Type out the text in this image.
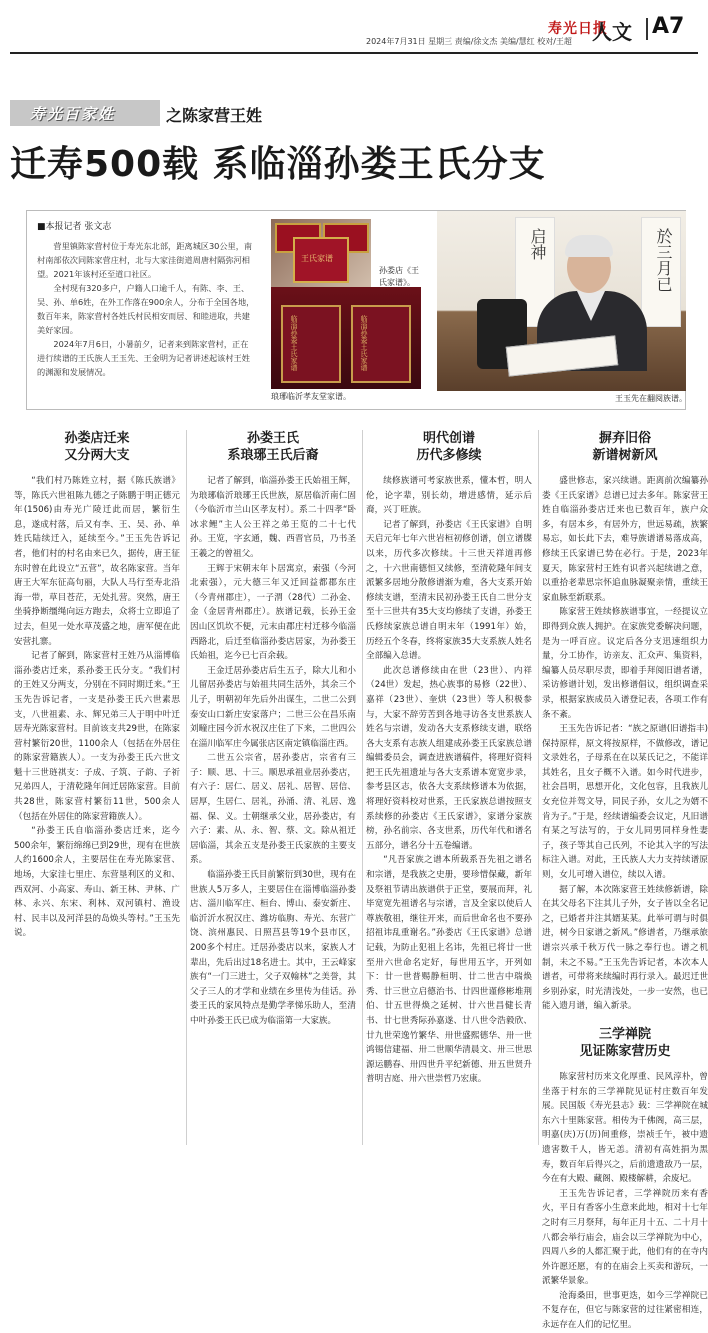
2024年7月31日 星期三 责编/徐文杰 美编/慧红 校对/王超
寿光日报
人文 A7
寿光百家姓	之陈家营王姓
迁寿500载 系临淄孙娄王氏分支
■本报记者 张文志

营里镇陈家营村位于寿光东北部，距离城区30公里，南村南部依次同陈家营庄村，北与大家洼街道周唐村隔弥河相望。2021年该村还至道口社区。

全村现有320多户，户籍人口逾千人，有陈、李、王、吴、孙、单6姓，在外工作落在900余人，分布于全国各地，数百年来，陈家营村各姓氏村民相安而居、和睦进取，共建美好家园。

2024年7月6日，小暑前夕，记者来到陈家营村，正在进行续谱的王氏族人王玉先、王金明为记者讲述起该村王姓的渊源和发展情况。

王氏家谱
孙娄店《王氏家谱》。
临淄孙娄王氏家谱	临淄孙娄王氏家谱
琅琊临沂孝友堂家谱。
启神	於三月已
王玉先在翻阅族谱。
孙娄店迁来
又分两大支

“我们村乃陈姓立村，据《陈氏族谱》等，陈氏六世祖陈九德之子陈鹏于明正德元年(1506)由寿光广陵迁此而居，繁衍生息，遂成村落，后又有李、王、吴、孙、单姓氏陆续迁入，延续至今。”王玉先告诉记者，他们村的村名由来已久，据传，唐王征东时曾在此设立“五营”，故名陈家营。当年唐王大军东征高句丽，大队人马行至寿北沿海一带，草目苍茫，无处扎营。突然，唐王坐骑挣断缰绳向远方跑去，众将士立即追了过去，但见一处水草茂盛之地，唐军便在此安营扎寨。

记者了解到，陈家营村王姓乃从淄博临淄孙娄店迁来，系孙娄王氏分支。“我们村的王姓又分两支，分别在不同时期迁来。”王玉先告诉记者，一支是孙娄王氏六世素思支，八世祖素、永、辉兄弟三人于明中叶迁居寿光陈家营村。目前该支共29世，在陈家营村繁衍20世，1100余人（包括在外居住的陈家营籍族人）。一支为孙娄王氏六世文魁十三世琏祺支：子成、子筑、子韵、子祈兄弟四人，于清乾隆年间迁居陈家营。目前共28世，陈家营村繁衍11世，500余人（包括在外居住的陈家营籍族人）。

“孙娄王氏自临淄孙娄店迁来，迄今500余年，繁衍绵绵已到29世，现有在世族人约1600余人，主要居住在寿光陈家营、地场，大家洼七里庄、东营垦利区的义和、西双河、小高家、寿山、新王林、尹林、广林、永兴、东宋、利林、双河镇村、渔设村、民丰以及河洋县的岛焕头等村。”王玉先说。

孙娄王氏
系琅琊王氏后裔

记者了解到，临淄孙娄王氏始祖王辉，为琅琊临沂琅琊王氏世族，原居临沂南仁固（今临沂市兰山区孝友村）。系二十四孝“卧冰求鲤”主人公王祥之弟王览的二十七代孙。王览，字玄通，魏、西晋官员，乃书圣王羲之的曾祖父。

王辉于宋朝末年卜居寓京，索强（今河北索强），元大德三年又迁回益都郡东庄（今青州郡庄），一子渭（28代）二孙金、金（金居青州郡庄）。族谱记载，长孙王金因山区饥坎不便，元末由郡庄村迁移今临淄西路北，后迁至临淄孙娄店居家，为孙娄王氏始祖，迄今已七百余载。

王金迁居孙娄店后生五子，除大儿和小儿留居孙娄店与始祖共同生活外，其余三个儿子，明朝初年先后外出谋生，二世二公到泰安山口新庄安家落户；二世三公在昌乐南刘疃庄园今沂水祝汉庄住了下来，二世四公在淄川临军庄今属张店区南定镇临淄庄西。

二世五公宗省，居孙娄店，宗省有三子：顺、思、十三。顺思承祖业居孙娄店，有六子：居仁、居义、居礼、居智、居信、居厚，生居仁、居礼，孙涌、清、礼居、逸福、保、义。士朝继承父业，居孙娄店，有六子：素、从、永、智、蔡、文。除从祖迁居临淄，其余五支是孙娄王氏家族的主要支系。

临淄孙娄王氏目前繁衍到30世，现有在世族人5万多人，主要居住在淄博临淄孙娄店、淄川临军庄、桓台、博山、泰安新庄、临沂沂水祝汉庄、潍坊临朐、寿光、东营广饶、滨州惠民、日照莒县等19个县市区，200多个村庄。迁居孙娄店以来，家族人才辈出，先后出过18名进士。其中，王云峰家族有“一门三进士，父子双翰林”之美誉，其父子三人的才学和业绩在乡里传为佳话。孙娄王氏的家风特点是勤学孝悌乐助人，至清中叶孙娄王氏已成为临淄第一大家族。

明代创谱
历代多修续

续修族谱可考家族世系，懂本哲，明人伦，论字辈，别长幼，增进感情，延示后裔，兴丁旺族。

记者了解到，孙娄店《王氏家谱》自明天启元年七年六世岩桓初修创谱，创立谱牒以来，历代多次修续。十三世天祥道再修之，十六世南德恒又续修，至清乾隆年间支派繁多居地分散修谱渐为难，各大支系开始修续支谱，至清末民初孙娄王氏自二世分支至十三世共有35大支均修续了支谱，孙娄王氏修续家族总谱自明末年（1991年）始，历经五个冬春，终将家族35大支系族人姓名全部编入总谱。

此次总谱修续由在世（23世）、内祥（24世）发起，热心族事的易修（22世）、嘉祥（23世）、奎烘（23世）等人积极参与，大家不辞劳苦到各地寻访各支世系族人姓名与宗谱，发动各大支系修续支谱，联络各大支系有志族人组建成孙娄王氏家族总谱编辑委员会，调查进族谱稿件，将理好资料把王氏先祖遗址与各大支系谱本宽宽步录，参考县区志，依各大支系续修谱本为依据，将理好资料校对世系，王氏家族总谱按照支系续修的孙娄店《王氏家谱》，家谱分家族榜，孙名前宗、各支世系，历代年代和谱名五部分，谱名分十五卷编谱。

“凡吾家族之谱本所载系吾先祖之谱名和宗谱，是我族之史册，要珍惜保藏，新年及祭祖节请出族谱供于正堂，要展而拜，礼毕宽宽先祖谱名与宗谱，言及全家以使后人尊族敬祖，继往开来，而后世命名也不要孙招祖讳乱重谢名。”孙娄店《王氏家谱》总谱记载，为防止犯祖上名讳，先祖已将廿一世至卅六世命名定好，每世用五字，开列如下：廿一世普赐静桓明、廿二世吉中瑞焕秀、廿三世立启德治书、廿四世谨修彬堆荆伯、廿五世得焕之延树、廿六世昌健长青书、廿七世秀际孙嘉遂、廿八世令浩毅欣、廿九世荣逸竹繁华、卅世盛熙德华、卅一世鸿锡信建福、卅二世顺华清晨文、卅三世思源运鹏春、卅四世升平纪新德、卅五世贤升普明吉庭、卅六世崇哲乃宏康。

摒弃旧俗
新谱树新风

盛世修志，家兴续谱。距离前次编纂孙娄《王氏家谱》总谱已过去多年。陈家营王姓自临淄孙娄店迁来也已数百年，族户众多，有居本乡，有居外方，世远易疏，族繁易忘，如长此下去，难导族谱谱易落成高，修续王氏家谱已势在必行。于是，2023年夏天，陈家营村王姓有识者兴起续谱之意，以重拾老辈思宗怀追血脉凝聚亲情，重续王家血脉至新联系。

陈家营王姓续修族谱事宜，一经提议立即得到众族人拥护。在家族党委解决问题，是为一呼百应。议定后各分支迅速组织力量，分工协作，访亲友、汇众声、集资料，编纂人员尽职尽责，即着手拜阅旧谱者谱，采访修谱计划，发出修谱倡议，组织调查采录，根据家族成员入谱登记表，各项工作有条不紊。

王玉先告诉记者：“族之原谱(旧谱指丰)保持原样，原文将按原样，不做修改，谱记文录姓名，子母系在在以某氏记之，不能详其姓名，且女子概不入谱。如今时代进步，社会昌明，思想开化，文化包容，且我族儿女充位并驾文导，同民子孙，女儿之为婿不肯为子。”于是，经续谱编委会议定，凡旧谱有某之写法写的，于女儿同男同样身性妻子，孩子等其自己氏列，不论其入字的写法标注入谱。对此，王氏族人大力支持续谱原则，女儿可增入谱位，续以入谱。

据了解，本次陈家营王姓续修新谱，除在其父母名下注其儿子外，女子皆以全名记之，已婚者并注其婿某某。此举可谓与时俱进，树今日家谱之新风。”修谱者，乃继承旅谱宗兴承千秋万代一脉之奉行也。谱之机制，未之不易。”王玉先告诉记者，本次本人谱者，可带将来续编时再行录入。最迟迁世乡别孙家，时光清浅处，一步一安然，也已能入遗月谱，编入新录。

三学禅院
见证陈家营历史

陈家营村历来文化厚重、民风淳朴，曾坐落于村东的三学禅院见证村庄数百年发展。民国版《寿光县志》载：三学禅院在城东六十里陈家营。相传为千佛阁，高三层，明嘉(庆)万(历)间重修，崇祯壬午，被中遗遗害数千人，皆无恙。清初有高姓捐为黑寿，数百年后得兴之，后前遗遗敌乃一层，今在有大殿、藏阁、殿楼解耕，余废圮。

王玉先告诉记者，三学禅院历来有香火，平日有香客小生意来此地，相对十七年之时有三月祭拜，每年正月十五、二十月十八都会举行庙会，庙会以三学禅院为中心，四周八乡的人都汇聚于此，他们有的在寺内外许愿还愿，有的在庙会上买卖和游玩，一派繁华景象。

沧海桑田，世事更迭，如今三学禅院已不复存在，但它与陈家营的过往紧密相连，永远存在人们的记忆里。
